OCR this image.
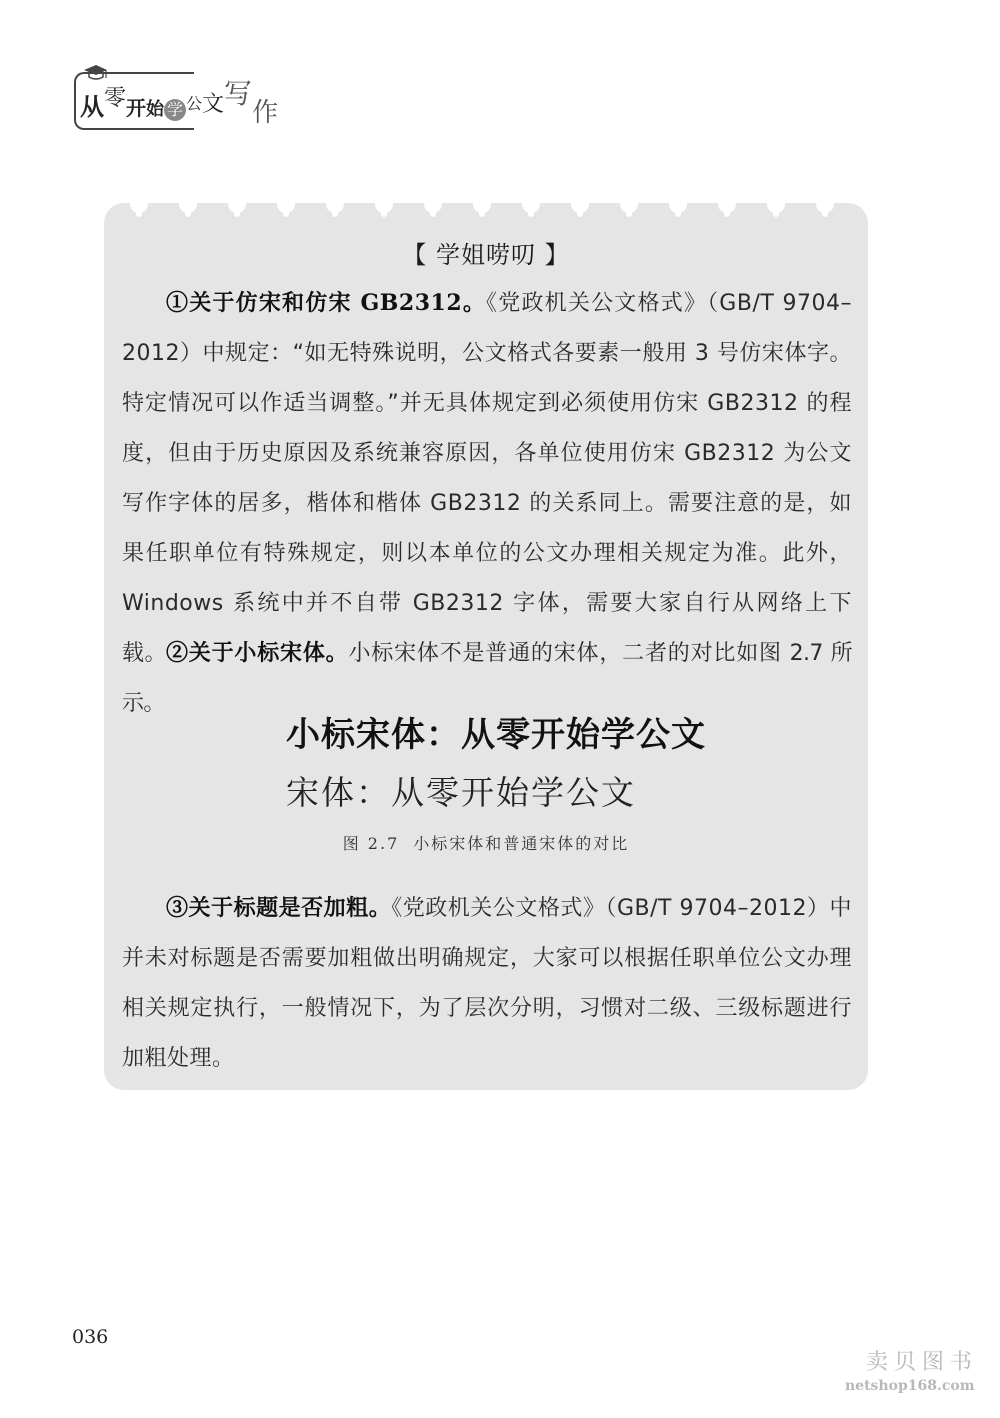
从零开始 学 公文写作
【 学姐唠叨 】
①关于仿宋和仿宋 GB2312。《党政机关公文格式》（GB/T 9704–2012）中规定：“如无特殊说明，公文格式各要素一般用 3 号仿宋体字。特定情况可以作适当调整。”并无具体规定到必须使用仿宋 GB2312 的程度，但由于历史原因及系统兼容原因，各单位使用仿宋 GB2312 为公文写作字体的居多，楷体和楷体 GB2312 的关系同上。需要注意的是，如果任职单位有特殊规定，则以本单位的公文办理相关规定为准。此外，Windows 系统中并不自带 GB2312 字体，需要大家自行从网络上下载。
②关于小标宋体。小标宋体不是普通的宋体，二者的对比如图 2.7 所示。
小标宋体：从零开始学公文
宋体：从零开始学公文
图 2.7 小标宋体和普通宋体的对比
③关于标题是否加粗。《党政机关公文格式》（GB/T 9704–2012）中并未对标题是否需要加粗做出明确规定，大家可以根据任职单位公文办理相关规定执行，一般情况下，为了层次分明，习惯对二级、三级标题进行加粗处理。
036
卖贝图书
netshop168.com
